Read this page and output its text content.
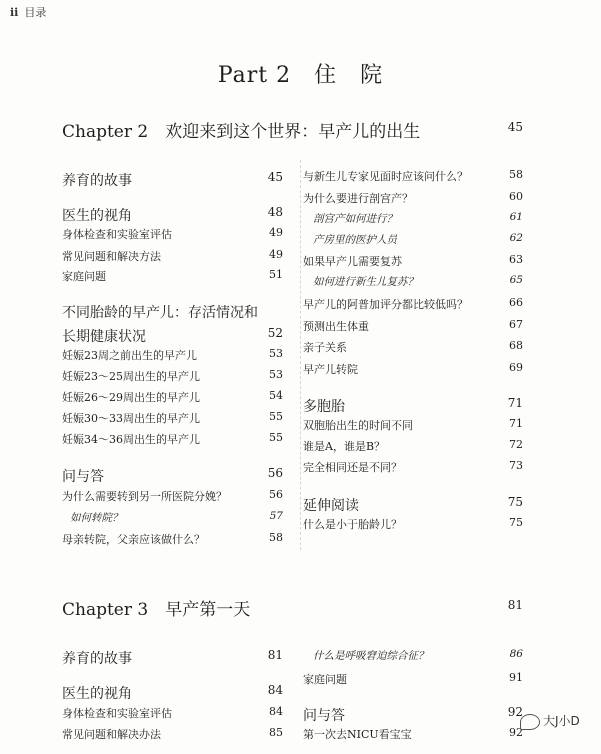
ii 目录
Part 2　住　院
Chapter 2　欢迎来到这个世界：早产儿的出生	45
养育的故事	45
医生的视角	48
身体检查和实验室评估	49
常见问题和解决方法	49
家庭问题	51
不同胎龄的早产儿：存活情况和
长期健康状况	52
妊娠23周之前出生的早产儿	53
妊娠23～25周出生的早产儿	53
妊娠26～29周出生的早产儿	54
妊娠30～33周出生的早产儿	55
妊娠34～36周出生的早产儿	55
问与答	56
为什么需要转到另一所医院分娩？	56
如何转院？	57
母亲转院，父亲应该做什么？	58
与新生儿专家见面时应该问什么？	58
为什么要进行剖宫产？	60
剖宫产如何进行？	61
产房里的医护人员	62
如果早产儿需要复苏	63
如何进行新生儿复苏？	65
早产儿的阿普加评分都比较低吗？	66
预测出生体重	67
亲子关系	68
早产儿转院	69
多胞胎	71
双胞胎出生的时间不同	71
谁是A，谁是B？	72
完全相同还是不同？	73
延伸阅读	75
什么是小于胎龄儿？	75
Chapter 3　早产第一天	81
养育的故事	81
医生的视角	84
身体检查和实验室评估	84
常见问题和解决办法	85
什么是呼吸窘迫综合征？	86
家庭问题	91
问与答	92
第一次去NICU看宝宝	92
大J小D
